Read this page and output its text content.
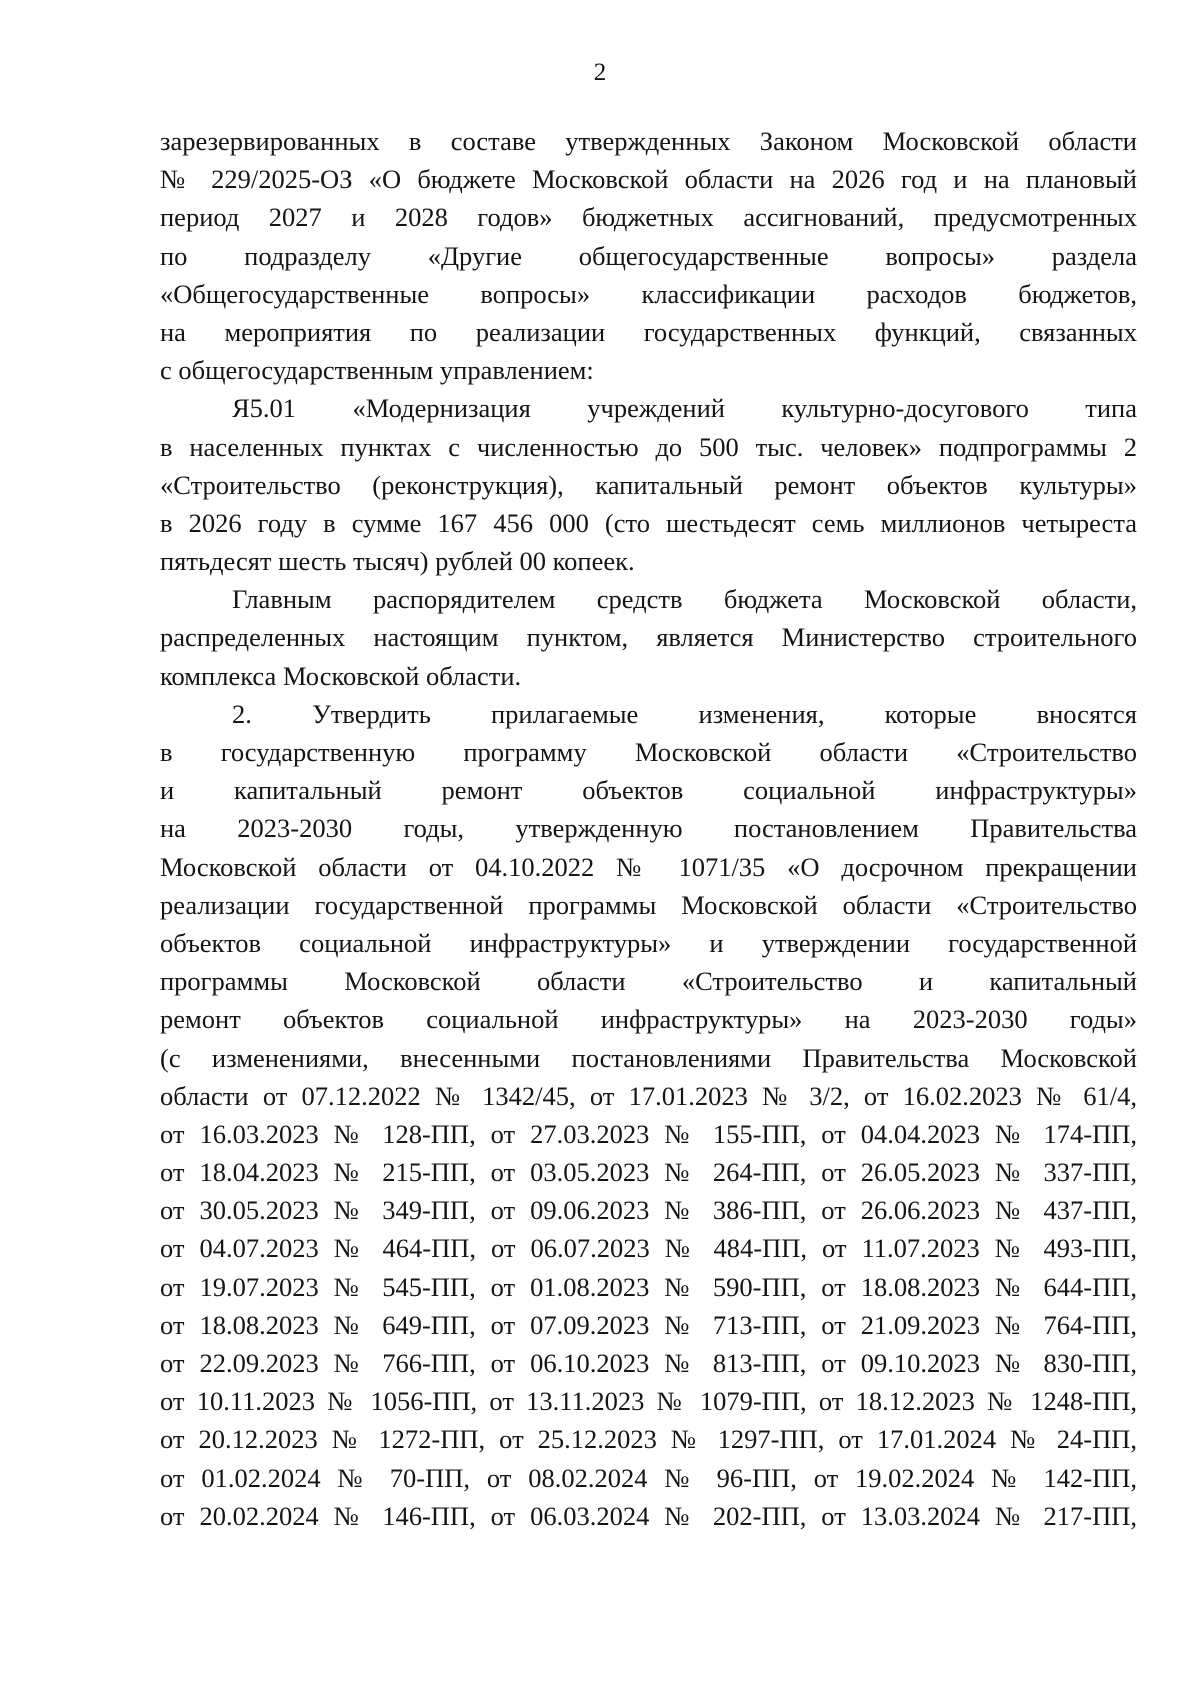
2
зарезервированных в составе утвержденных Законом Московской области
№ 229/2025-ОЗ «О бюджете Московской области на 2026 год и на плановый
период 2027 и 2028 годов» бюджетных ассигнований, предусмотренных
по подразделу «Другие общегосударственные вопросы» раздела
«Общегосударственные вопросы» классификации расходов бюджетов,
на мероприятия по реализации государственных функций, связанных
с общегосударственным управлением:
Я5.01 «Модернизация учреждений культурно-досугового типа
в населенных пунктах с численностью до 500 тыс. человек» подпрограммы 2
«Строительство (реконструкция), капитальный ремонт объектов культуры»
в 2026 году в сумме 167 456 000 (сто шестьдесят семь миллионов четыреста
пятьдесят шесть тысяч) рублей 00 копеек.
Главным распорядителем средств бюджета Московской области,
распределенных настоящим пунктом, является Министерство строительного
комплекса Московской области.
2. Утвердить прилагаемые изменения, которые вносятся
в государственную программу Московской области «Строительство
и капитальный ремонт объектов социальной инфраструктуры»
на 2023-2030 годы, утвержденную постановлением Правительства
Московской области от 04.10.2022 № 1071/35 «О досрочном прекращении
реализации государственной программы Московской области «Строительство
объектов социальной инфраструктуры» и утверждении государственной
программы Московской области «Строительство и капитальный
ремонт объектов социальной инфраструктуры» на 2023-2030 годы»
(с изменениями, внесенными постановлениями Правительства Московской
области от 07.12.2022 № 1342/45, от 17.01.2023 № 3/2, от 16.02.2023 № 61/4,
от 16.03.2023 № 128-ПП, от 27.03.2023 № 155-ПП, от 04.04.2023 № 174-ПП,
от 18.04.2023 № 215-ПП, от 03.05.2023 № 264-ПП, от 26.05.2023 № 337-ПП,
от 30.05.2023 № 349-ПП, от 09.06.2023 № 386-ПП, от 26.06.2023 № 437-ПП,
от 04.07.2023 № 464-ПП, от 06.07.2023 № 484-ПП, от 11.07.2023 № 493-ПП,
от 19.07.2023 № 545-ПП, от 01.08.2023 № 590-ПП, от 18.08.2023 № 644-ПП,
от 18.08.2023 № 649-ПП, от 07.09.2023 № 713-ПП, от 21.09.2023 № 764-ПП,
от 22.09.2023 № 766-ПП, от 06.10.2023 № 813-ПП, от 09.10.2023 № 830-ПП,
от 10.11.2023 № 1056-ПП, от 13.11.2023 № 1079-ПП, от 18.12.2023 № 1248-ПП,
от 20.12.2023 № 1272-ПП, от 25.12.2023 № 1297-ПП, от 17.01.2024 № 24-ПП,
от 01.02.2024 № 70-ПП, от 08.02.2024 № 96-ПП, от 19.02.2024 № 142-ПП,
от 20.02.2024 № 146-ПП, от 06.03.2024 № 202-ПП, от 13.03.2024 № 217-ПП,
